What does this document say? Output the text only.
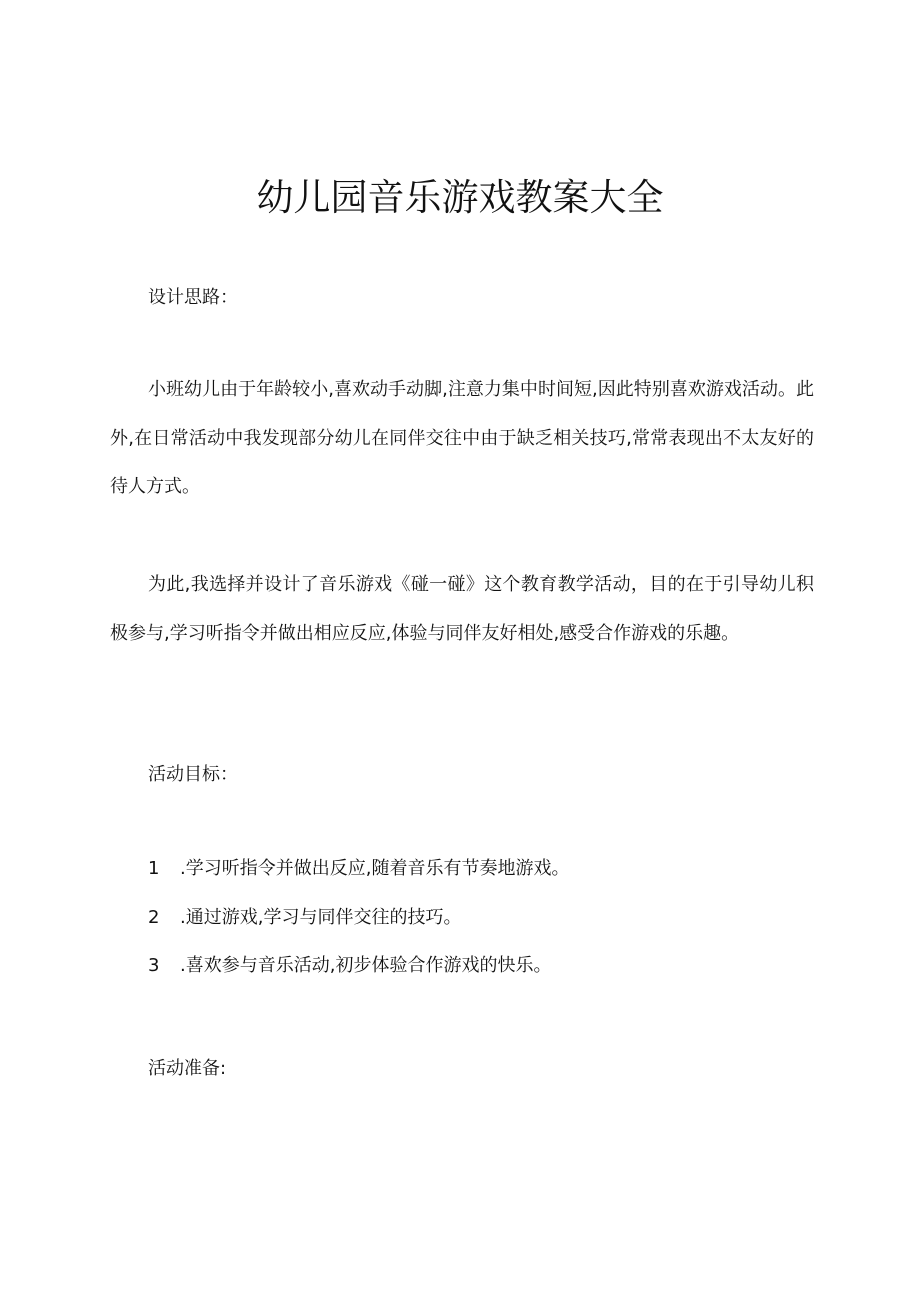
幼儿园音乐游戏教案大全

设计思路：

小班幼儿由于年龄较小,喜欢动手动脚,注意力集中时间短,因此特别喜欢游戏活动。此外,在日常活动中我发现部分幼儿在同伴交往中由于缺乏相关技巧,常常表现出不太友好的待人方式。

为此,我选择并设计了音乐游戏《碰一碰》这个教育教学活动，目的在于引导幼儿积极参与,学习听指令并做出相应反应,体验与同伴友好相处,感受合作游戏的乐趣。

活动目标：

1 .学习听指令并做出反应,随着音乐有节奏地游戏。

2 .通过游戏,学习与同伴交往的技巧。

3 .喜欢参与音乐活动,初步体验合作游戏的快乐。

活动准备:
